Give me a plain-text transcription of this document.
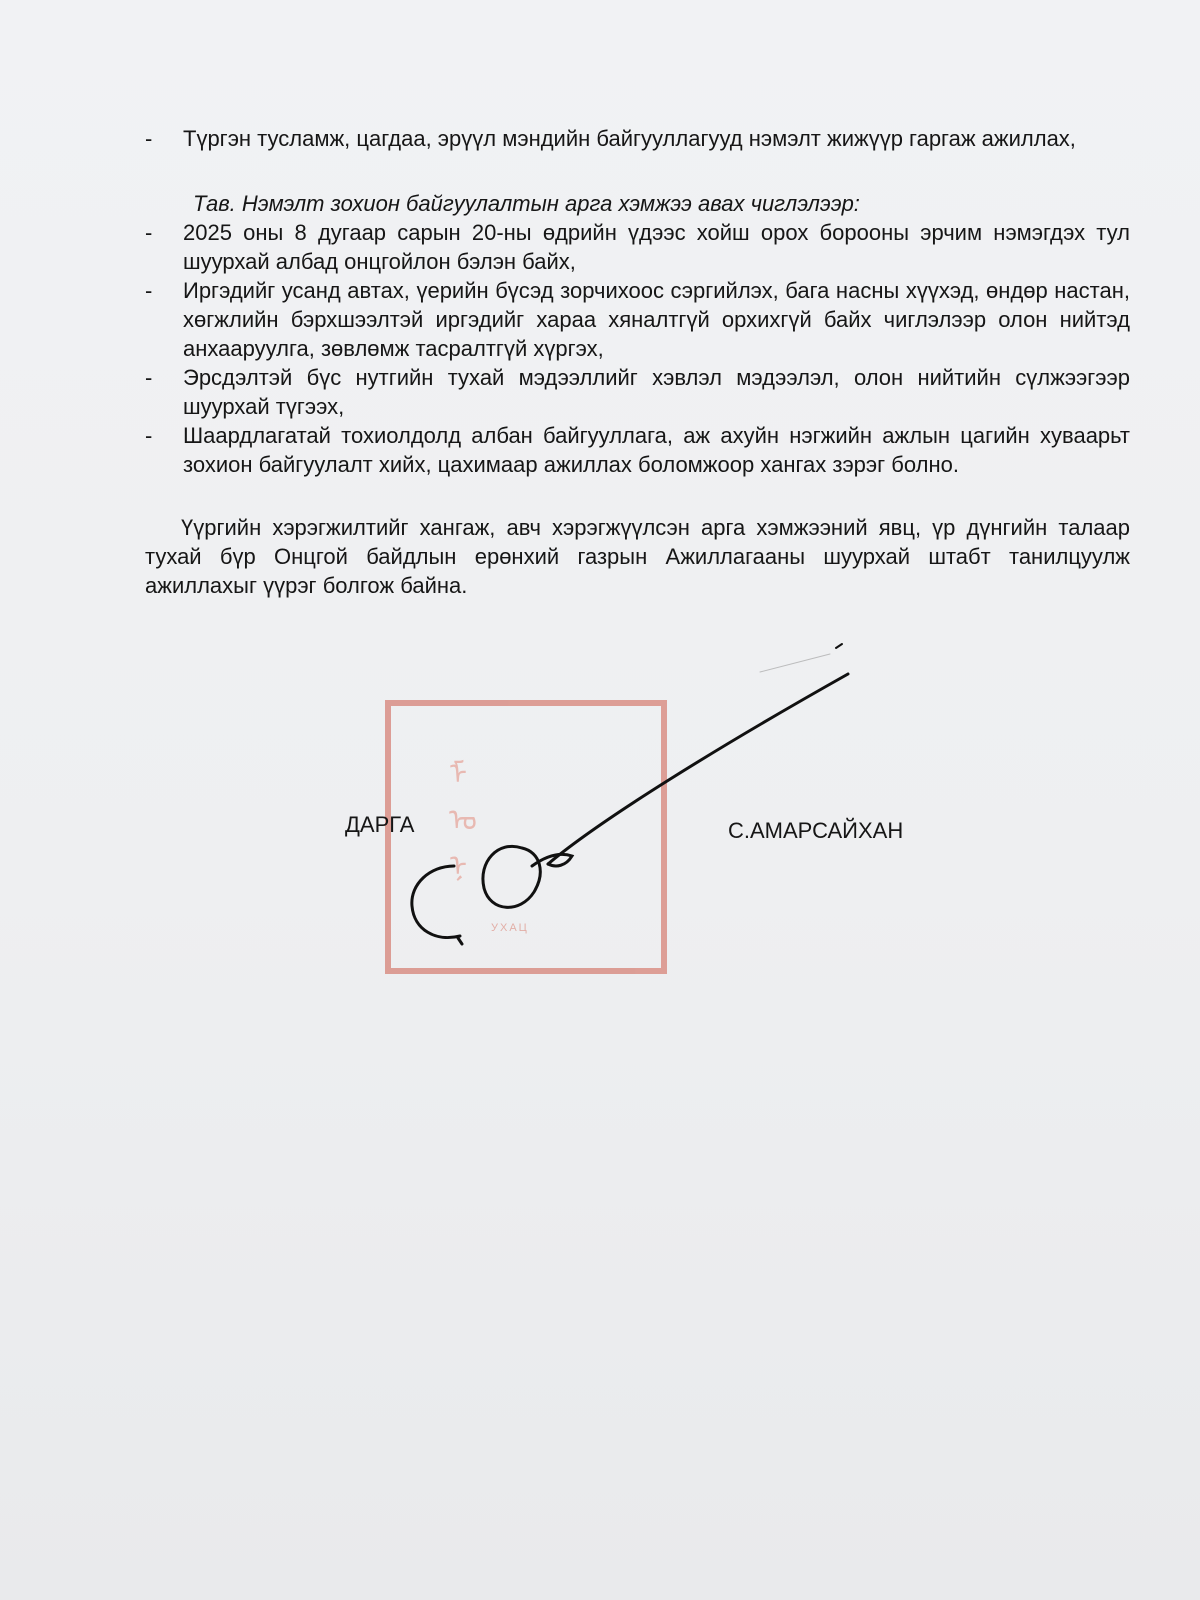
- Түргэн тусламж, цагдаа, эрүүл мэндийн байгууллагууд нэмэлт жижүүр гаргаж ажиллах,
Тав. Нэмэлт зохион байгуулалтын арга хэмжээ авах чиглэлээр:
- 2025 оны 8 дугаар сарын 20-ны өдрийн үдээс хойш орох борооны эрчим нэмэгдэх тул шуурхай албад онцгойлон бэлэн байх,
- Иргэдийг усанд автах, үерийн бүсэд зорчихоос сэргийлэх, бага насны хүүхэд, өндөр настан, хөгжлийн бэрхшээлтэй иргэдийг хараа хяналтгүй орхихгүй байх чиглэлээр олон нийтэд анхааруулга, зөвлөмж тасралтгүй хүргэх,
- Эрсдэлтэй бүс нутгийн тухай мэдээллийг хэвлэл мэдээлэл, олон нийтийн сүлжээгээр шуурхай түгээх,
- Шаардлагатай тохиолдолд албан байгууллага, аж ахуйн нэгжийн ажлын цагийн хуваарьт зохион байгуулалт хийх, цахимаар ажиллах боломжоор хангах зэрэг болно.
Үүргийн хэрэгжилтийг хангаж, авч хэрэгжүүлсэн арга хэмжээний явц, үр дүнгийн талаар тухай бүр Онцгой байдлын ерөнхий газрын Ажиллагааны шуурхай штабт танилцуулж ажиллахыг үүрэг болгож байна.
ᠮ
ᠣ
ᠨ
УХАЦ
ДАРГА	С.АМАРСАЙХАН
